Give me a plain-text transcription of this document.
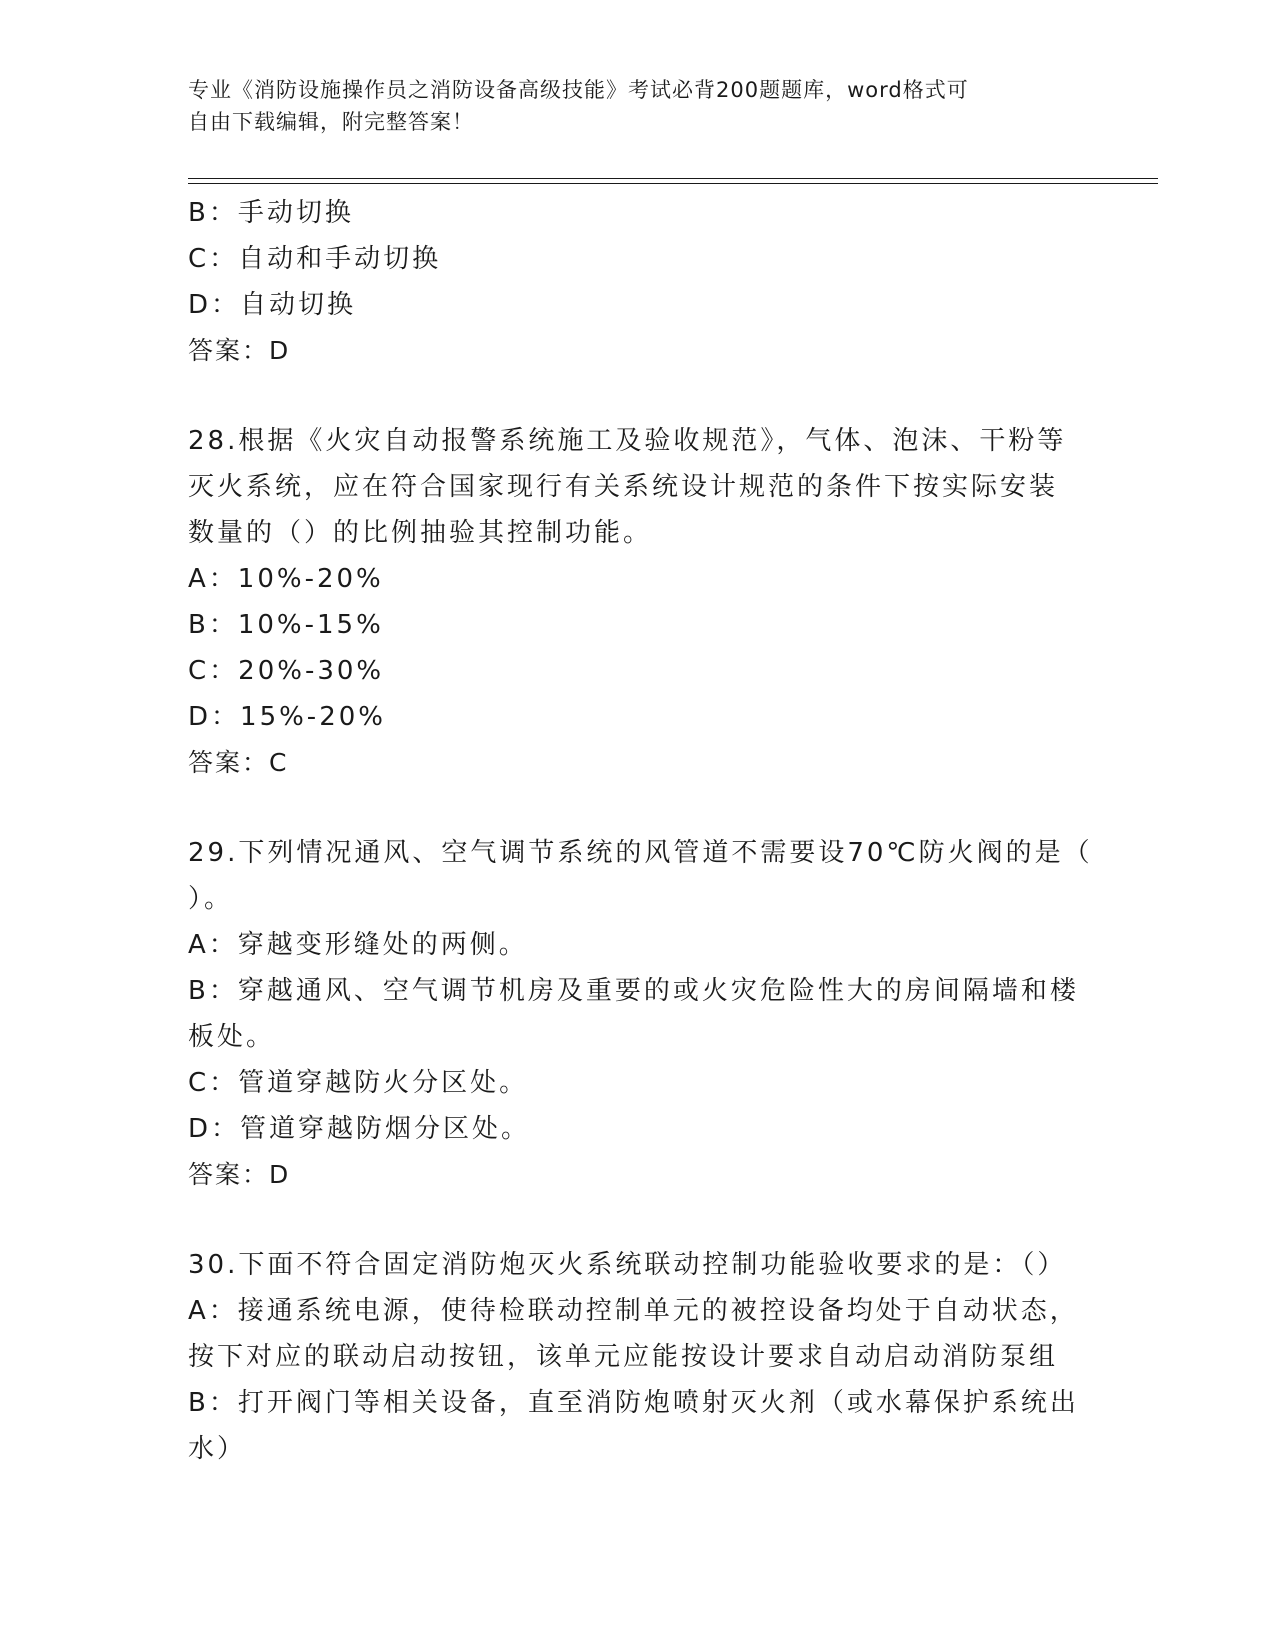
专业《消防设施操作员之消防设备高级技能》考试必背200题题库，word格式可
自由下载编辑，附完整答案！
B：手动切换
C：自动和手动切换
D：自动切换
答案：D
28.根据《火灾自动报警系统施工及验收规范》，气体、泡沫、干粉等
灭火系统，应在符合国家现行有关系统设计规范的条件下按实际安装
数量的（）的比例抽验其控制功能。
A：10%-20%
B：10%-15%
C：20%-30%
D：15%-20%
答案：C
29.下列情况通风、空气调节系统的风管道不需要设70℃防火阀的是（
）。
A：穿越变形缝处的两侧。
B：穿越通风、空气调节机房及重要的或火灾危险性大的房间隔墙和楼
板处。
C：管道穿越防火分区处。
D：管道穿越防烟分区处。
答案：D
30.下面不符合固定消防炮灭火系统联动控制功能验收要求的是：（）
A：接通系统电源，使待检联动控制单元的被控设备均处于自动状态，
按下对应的联动启动按钮，该单元应能按设计要求自动启动消防泵组
B：打开阀门等相关设备，直至消防炮喷射灭火剂（或水幕保护系统出
水）
